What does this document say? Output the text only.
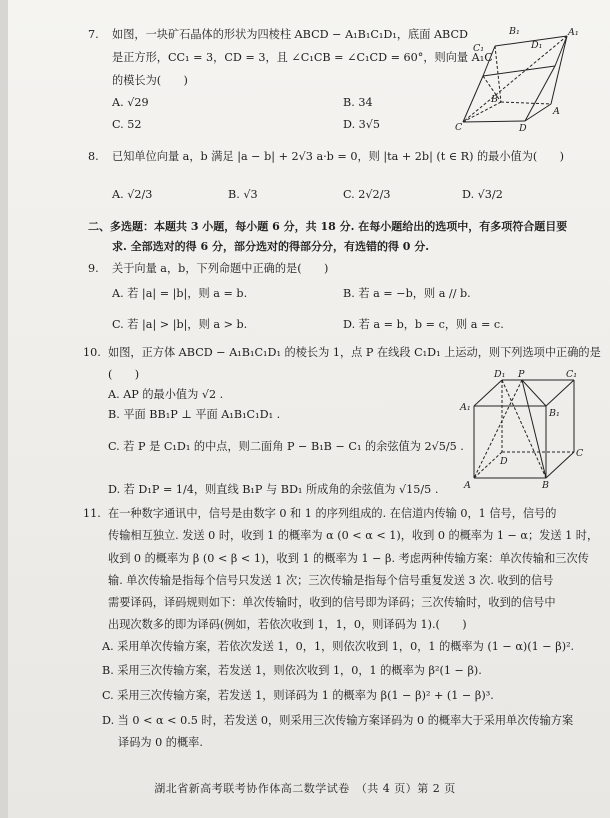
7. 如图，一块矿石晶体的形状为四棱柱 ABCD − A₁B₁C₁D₁，底面 ABCD
是正方形，CC₁ = 3，CD = 3，且 ∠C₁CB = ∠C₁CD = 60°，则向量 A₁C
的模长为(　　)
A. √29	B. 34
C. 52	D. 3√5
B₁	A₁
C₁	D₁
B
A
C	D
8. 已知单位向量 a，b 满足 |a − b| + 2√3 a·b = 0，则 |ta + 2b| (t ∈ R) 的最小值为(　　)
A. √2/3	B. √3	C. 2√2/3	D. √3/2
二、多选题：本题共 3 小题，每小题 6 分，共 18 分. 在每小题给出的选项中，有多项符合题目要
求. 全部选对的得 6 分，部分选对的得部分分，有选错的得 0 分.
9. 关于向量 a，b，下列命题中正确的是(　　)
A. 若 |a| = |b|，则 a = b.	B. 若 a = −b，则 a // b.
C. 若 |a| > |b|，则 a > b.	D. 若 a = b，b = c，则 a = c.
10. 如图，正方体 ABCD − A₁B₁C₁D₁ 的棱长为 1，点 P 在线段 C₁D₁ 上运动，则下列选项中正确的是
(　　)
A. AP 的最小值为 √2 .
B. 平面 BB₁P ⊥ 平面 A₁B₁C₁D₁ .
C. 若 P 是 C₁D₁ 的中点，则二面角 P − B₁B − C₁ 的余弦值为 2√5/5 .
D. 若 D₁P = 1/4，则直线 B₁P 与 BD₁ 所成角的余弦值为 √15/5 .
D₁ P	C₁
A₁
B₁
D
C
A	B
11. 在一种数字通讯中，信号是由数字 0 和 1 的序列组成的. 在信道内传输 0，1 信号，信号的
传输相互独立. 发送 0 时，收到 1 的概率为 α (0 < α < 1)，收到 0 的概率为 1 − α；发送 1 时，
收到 0 的概率为 β (0 < β < 1)，收到 1 的概率为 1 − β. 考虑两种传输方案：单次传输和三次传
输. 单次传输是指每个信号只发送 1 次；三次传输是指每个信号重复发送 3 次. 收到的信号
需要译码，译码规则如下：单次传输时，收到的信号即为译码；三次传输时，收到的信号中
出现次数多的即为译码(例如，若依次收到 1，1，0，则译码为 1).(　　)
A. 采用单次传输方案，若依次发送 1，0，1，则依次收到 1，0，1 的概率为 (1 − α)(1 − β)².
B. 采用三次传输方案，若发送 1，则依次收到 1，0，1 的概率为 β²(1 − β).
C. 采用三次传输方案，若发送 1，则译码为 1 的概率为 β(1 − β)² + (1 − β)³.
D. 当 0 < α < 0.5 时，若发送 0，则采用三次传输方案译码为 0 的概率大于采用单次传输方案
译码为 0 的概率.
湖北省新高考联考协作体高二数学试卷　（共 4 页）第 2 页
